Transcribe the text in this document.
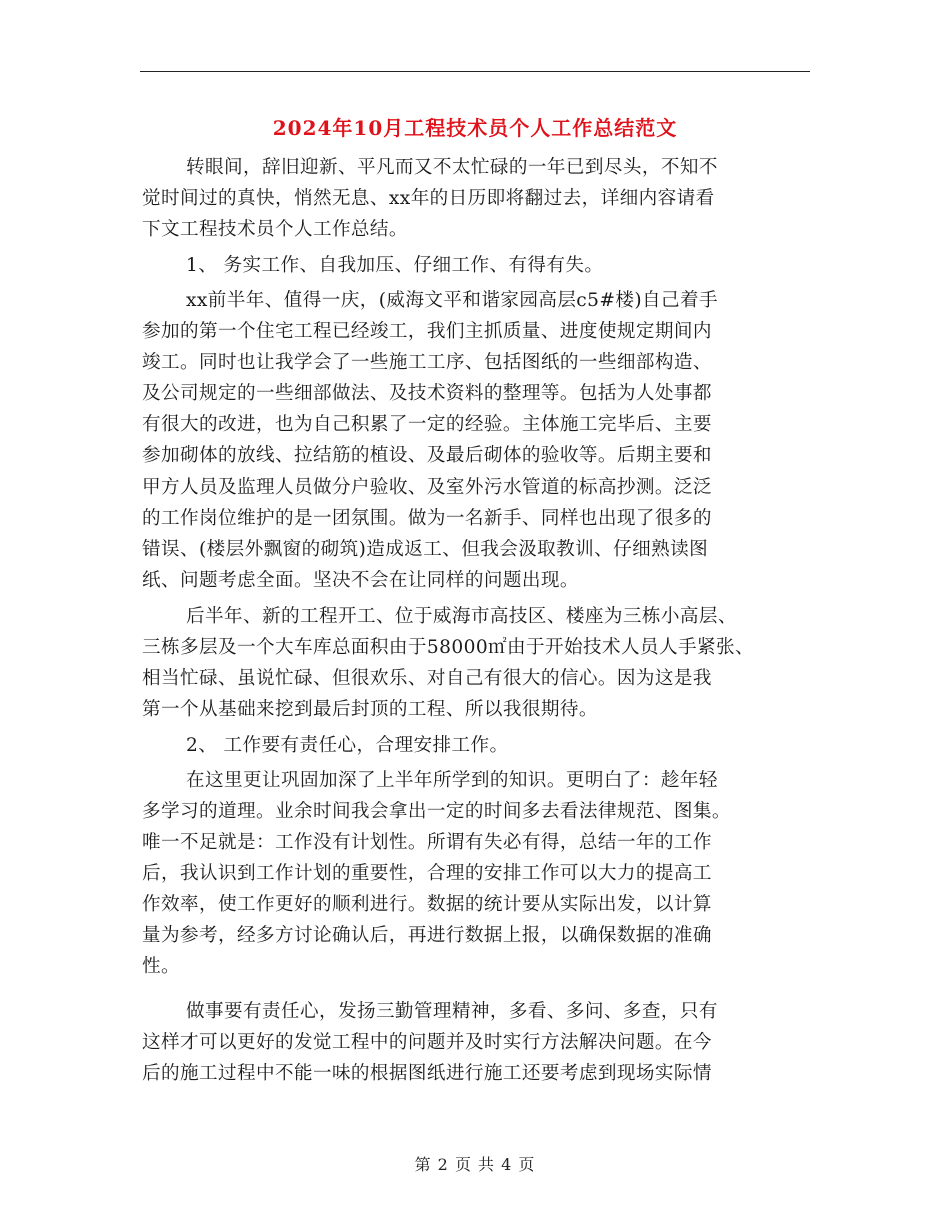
2024年10月工程技术员个人工作总结范文
转眼间，辞旧迎新、平凡而又不太忙碌的一年已到尽头，不知不
觉时间过的真快，悄然无息、xx年的日历即将翻过去，详细内容请看
下文工程技术员个人工作总结。
1、 务实工作、自我加压、仔细工作、有得有失。
xx前半年、值得一庆，(威海文平和谐家园高层c5#楼)自己着手
参加的第一个住宅工程已经竣工，我们主抓质量、进度使规定期间内
竣工。同时也让我学会了一些施工工序、包括图纸的一些细部构造、
及公司规定的一些细部做法、及技术资料的整理等。包括为人处事都
有很大的改进，也为自己积累了一定的经验。主体施工完毕后、主要
参加砌体的放线、拉结筋的植设、及最后砌体的验收等。后期主要和
甲方人员及监理人员做分户验收、及室外污水管道的标高抄测。泛泛
的工作岗位维护的是一团氛围。做为一名新手、同样也出现了很多的
错误、(楼层外飘窗的砌筑)造成返工、但我会汲取教训、仔细熟读图
纸、问题考虑全面。坚决不会在让同样的问题出现。
后半年、新的工程开工、位于威海市高技区、楼座为三栋小高层、
三栋多层及一个大车库总面积由于58000㎡由于开始技术人员人手紧张、
相当忙碌、虽说忙碌、但很欢乐、对自己有很大的信心。因为这是我
第一个从基础来挖到最后封顶的工程、所以我很期待。
2、 工作要有责任心，合理安排工作。
在这里更让巩固加深了上半年所学到的知识。更明白了：趁年轻
多学习的道理。业余时间我会拿出一定的时间多去看法律规范、图集。
唯一不足就是：工作没有计划性。所谓有失必有得，总结一年的工作
后，我认识到工作计划的重要性，合理的安排工作可以大力的提高工
作效率，使工作更好的顺利进行。数据的统计要从实际出发，以计算
量为参考，经多方讨论确认后，再进行数据上报，以确保数据的准确
性。
做事要有责任心，发扬三勤管理精神，多看、多问、多查，只有
这样才可以更好的发觉工程中的问题并及时实行方法解决问题。在今
后的施工过程中不能一味的根据图纸进行施工还要考虑到现场实际情
第 2 页 共 4 页
